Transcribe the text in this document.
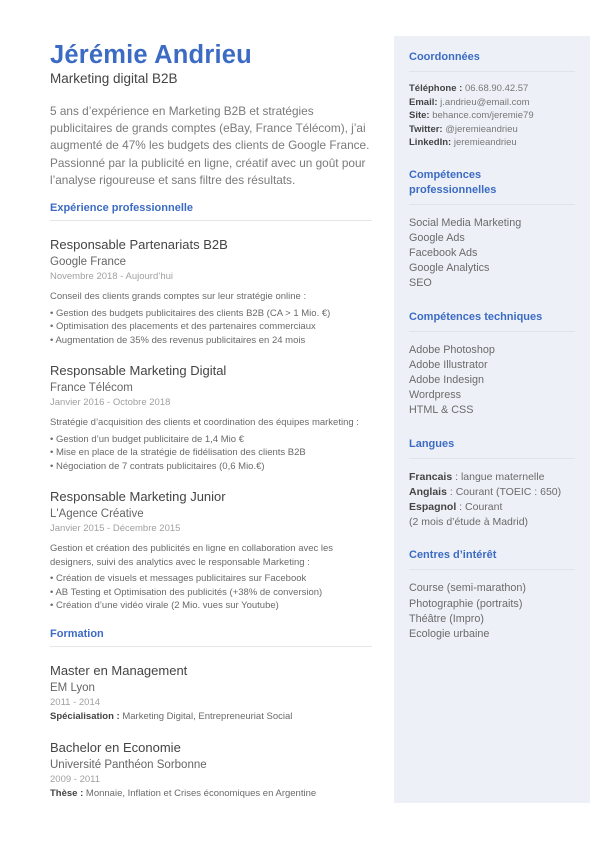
Jérémie Andrieu
Marketing digital B2B
5 ans d’expérience en Marketing B2B et stratégies publicitaires de grands comptes (eBay, France Télécom), j’ai augmenté de 47% les budgets des clients de Google France. Passionné par la publicité en ligne, créatif avec un goût pour l’analyse rigoureuse et sans filtre des résultats.
Expérience professionnelle
Responsable Partenariats B2B
Google France
Novembre 2018 - Aujourd’hui
Conseil des clients grands comptes sur leur stratégie online :
• Gestion des budgets publicitaires des clients B2B (CA > 1 Mio. €)
• Optimisation des placements et des partenaires commerciaux
• Augmentation de 35% des revenus publicitaires en 24 mois
Responsable Marketing Digital
France Télécom
Janvier 2016 - Octobre 2018
Stratégie d’acquisition des clients et coordination des équipes marketing :
• Gestion d’un budget publicitaire de 1,4 Mio €
• Mise en place de la stratégie de fidélisation des clients B2B
• Négociation de 7 contrats publicitaires (0,6 Mio.€)
Responsable Marketing Junior
L'Agence Créative
Janvier 2015 - Décembre 2015
Gestion et création des publicités en ligne en collaboration avec les designers, suivi des analytics avec le responsable Marketing :
• Création de visuels et messages publicitaires sur Facebook
• AB Testing et Optimisation des publicités (+38% de conversion)
• Création d’une vidéo virale (2 Mio. vues sur Youtube)
Formation
Master en Management
EM Lyon
2011 - 2014
Spécialisation : Marketing Digital, Entrepreneuriat Social
Bachelor en Economie
Université Panthéon Sorbonne
2009 - 2011
Thèse : Monnaie, Inflation et Crises économiques en Argentine
Coordonnées
Téléphone : 06.68.90.42.57
Email: j.andrieu@email.com
Site: behance.com/jeremie79
Twitter: @jeremieandrieu
LinkedIn: jeremieandrieu
Compétences
professionnelles
Social Media Marketing
Google Ads
Facebook Ads
Google Analytics
SEO
Compétences techniques
Adobe Photoshop
Adobe Illustrator
Adobe Indesign
Wordpress
HTML & CSS
Langues
Francais : langue maternelle
Anglais : Courant (TOEIC : 650)
Espagnol : Courant
(2 mois d’étude à Madrid)
Centres d’intérêt
Course (semi-marathon)
Photographie (portraits)
Théâtre (Impro)
Ecologie urbaine
